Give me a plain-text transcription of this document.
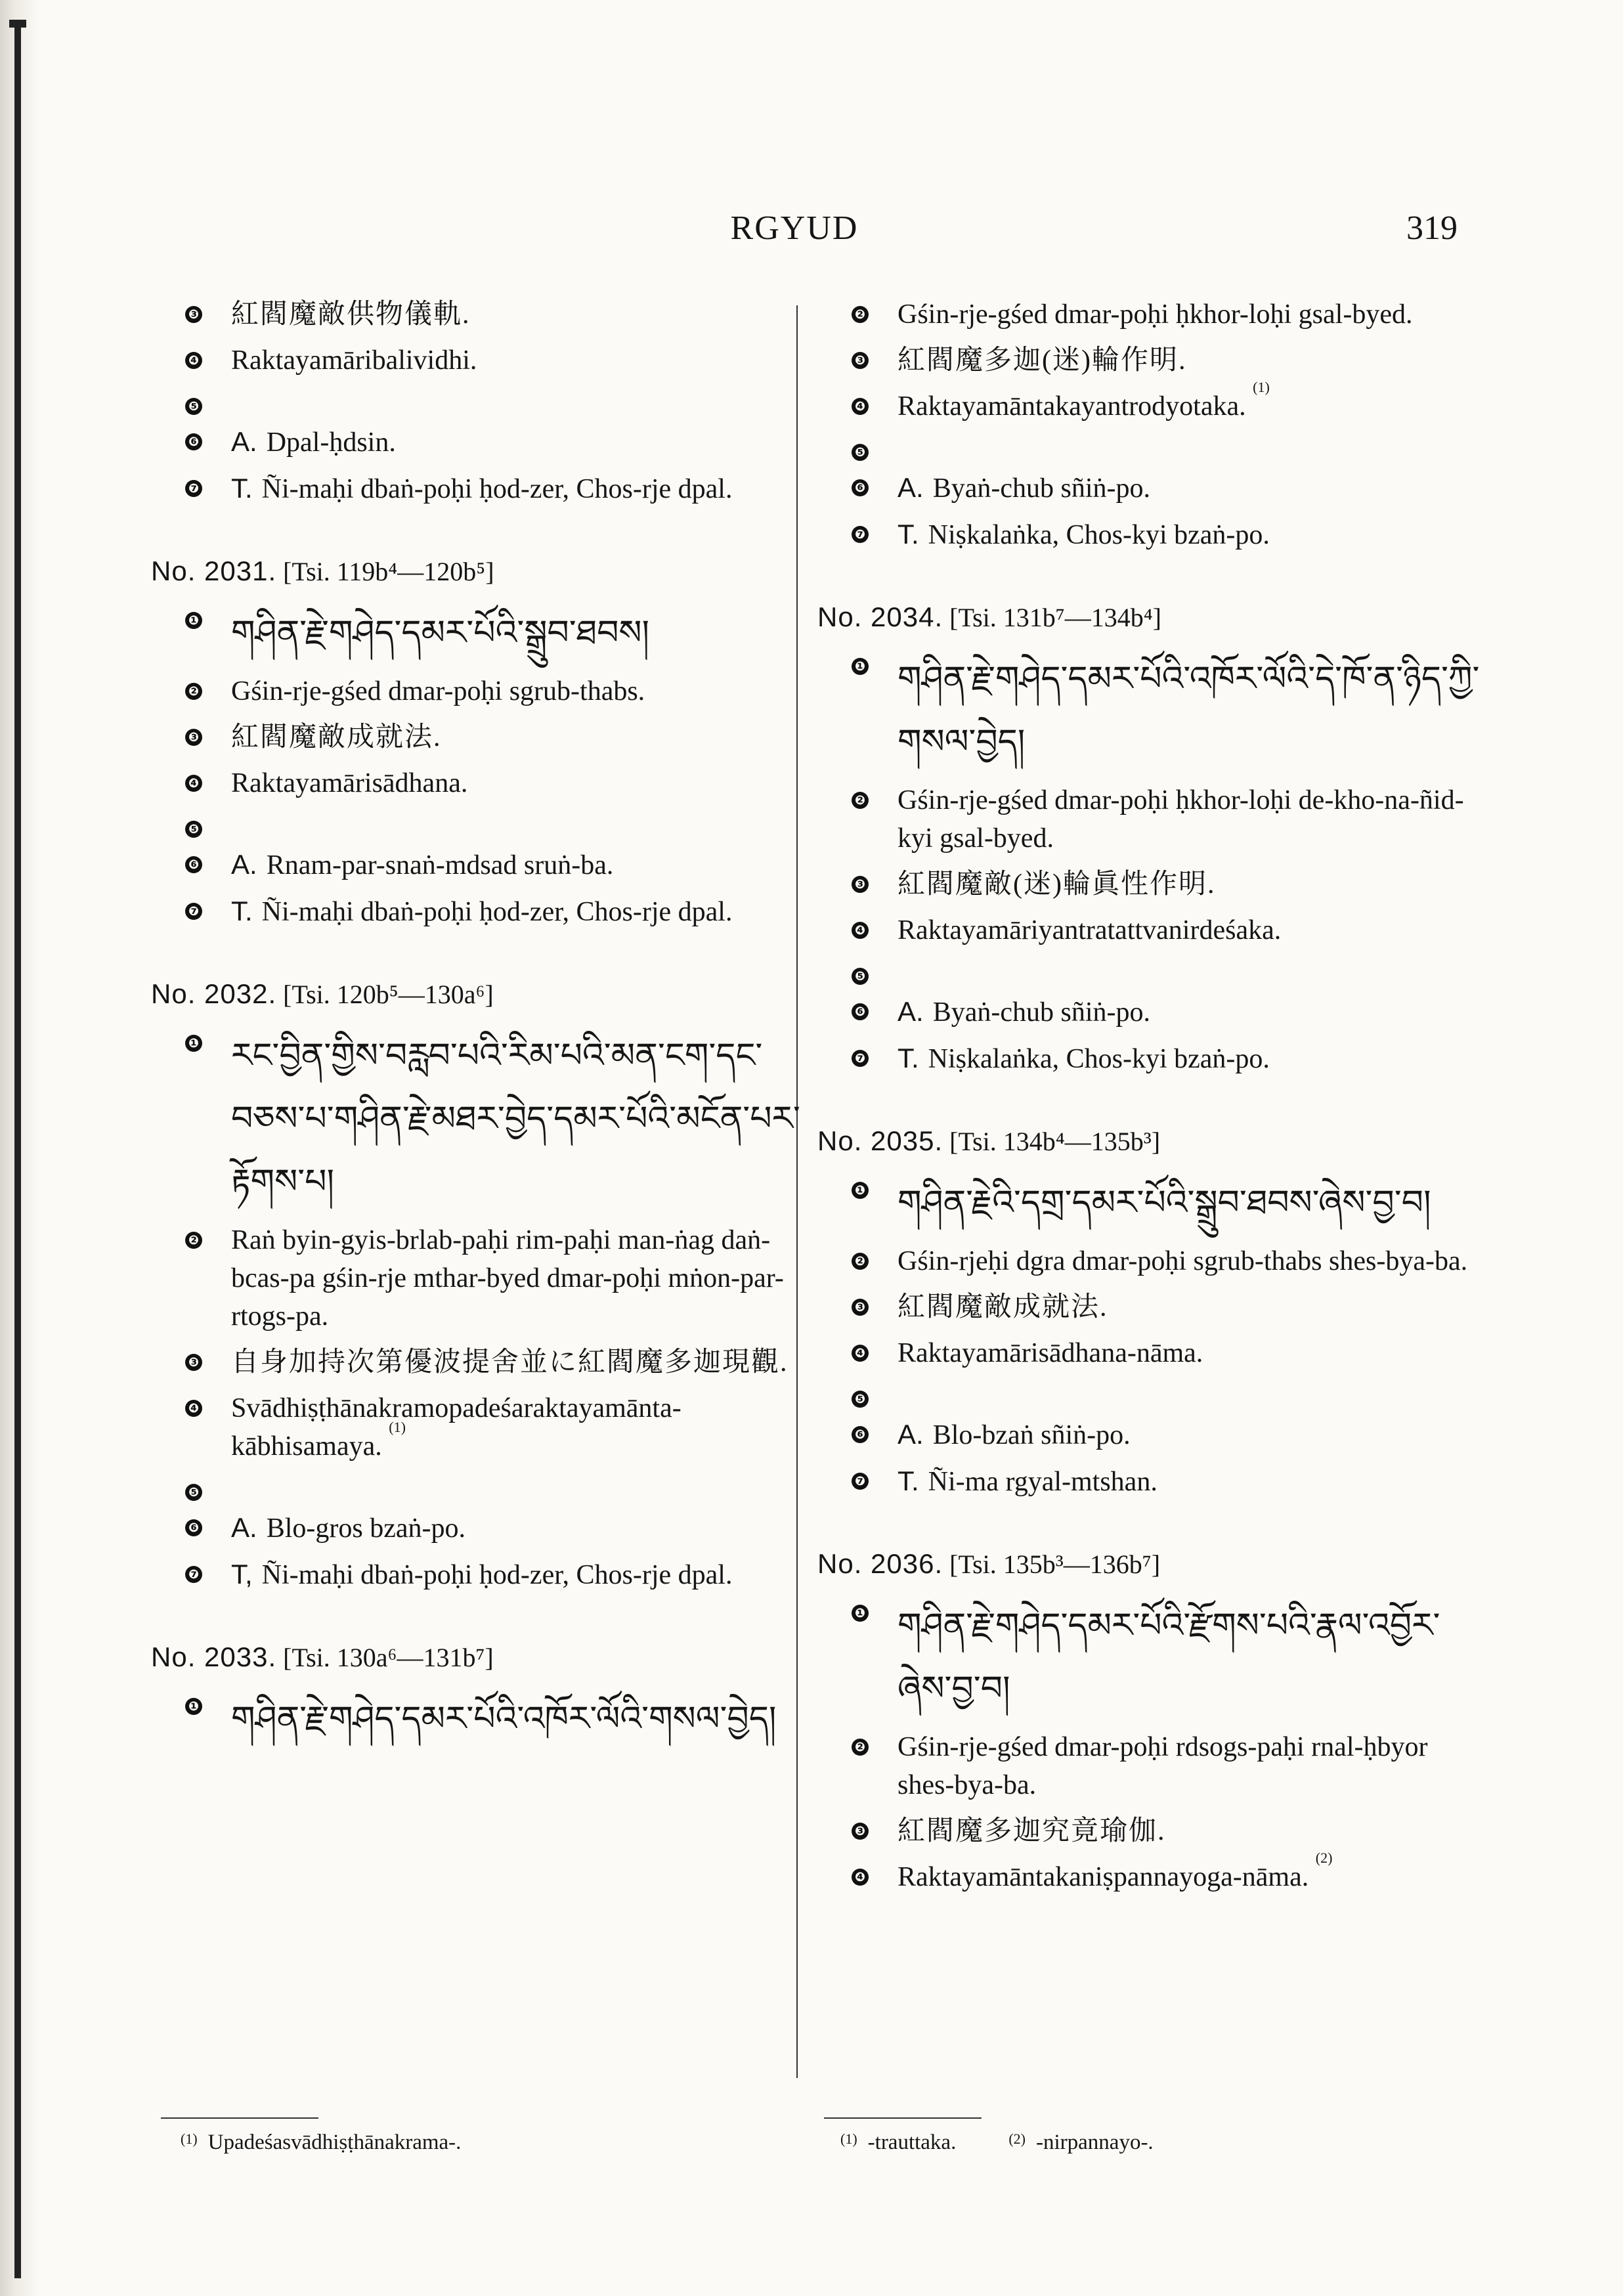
RGYUD	319
❸ 紅閻魔敵供物儀軌.
❹ Raktayamāribalividhi.
❺
❻ A. Dpal-ḥdsin.
❼ T. Ñi-maḥi dbaṅ-poḥi ḥod-zer, Chos-rje dpal.
No. 2031. [Tsi. 119b⁴—120b⁵]
❶ གཤིན་རྗེ་གཤེད་དམར་པོའི་སྒྲུབ་ཐབས།
❷ Gśin-rje-gśed dmar-poḥi sgrub-thabs.
❸ 紅閻魔敵成就法.
❹ Raktayamārisādhana.
❺
❻ A. Rnam-par-snaṅ-mdsad sruṅ-ba.
❼ T. Ñi-maḥi dbaṅ-poḥi ḥod-zer, Chos-rje dpal.
No. 2032. [Tsi. 120b⁵—130a⁶]
❶ རང་བྱིན་གྱིས་བརླབ་པའི་རིམ་པའི་མན་ངག་དང་བཅས་པ་གཤིན་རྗེ་མཐར་བྱེད་དམར་པོའི་མངོན་པར་རྟོགས་པ།
❷ Raṅ byin-gyis-brlab-paḥi rim-paḥi man-ṅag daṅ-bcas-pa gśin-rje mthar-byed dmar-poḥi mṅon-par-rtogs-pa.
❸ 自身加持次第優波提舍並に紅閻魔多迦現觀.
❹ Svādhiṣṭhānakramopadeśaraktayamānta-kābhisamaya. $^{(1)}$
❺
❻ A. Blo-gros bzaṅ-po.
❼ T, Ñi-maḥi dbaṅ-poḥi ḥod-zer, Chos-rje dpal.
No. 2033. [Tsi. 130a⁶—131b⁷]
❶ གཤིན་རྗེ་གཤེད་དམར་པོའི་འཁོར་ལོའི་གསལ་བྱེད།
❷ Gśin-rje-gśed dmar-poḥi ḥkhor-loḥi gsal-byed.
❸ 紅閻魔多迦(迷)輪作明.
❹ Raktayamāntakayantrodyotaka. $^{(1)}$
❺
❻ A. Byaṅ-chub sñiṅ-po.
❼ T. Niṣkalaṅka, Chos-kyi bzaṅ-po.
No. 2034. [Tsi. 131b⁷—134b⁴]
❶ གཤིན་རྗེ་གཤེད་དམར་པོའི་འཁོར་ལོའི་དེ་ཁོ་ན་ཉིད་ཀྱི་གསལ་བྱེད།
❷ Gśin-rje-gśed dmar-poḥi ḥkhor-loḥi de-kho-na-ñid-kyi gsal-byed.
❸ 紅閻魔敵(迷)輪眞性作明.
❹ Raktayamāriyantratattvanirdeśaka.
❺
❻ A. Byaṅ-chub sñiṅ-po.
❼ T. Niṣkalaṅka, Chos-kyi bzaṅ-po.
No. 2035. [Tsi. 134b⁴—135b³]
❶ གཤིན་རྗེའི་དགྲ་དམར་པོའི་སྒྲུབ་ཐབས་ཞེས་བྱ་བ།
❷ Gśin-rjeḥi dgra dmar-poḥi sgrub-thabs shes-bya-ba.
❸ 紅閻魔敵成就法.
❹ Raktayamārisādhana-nāma.
❺
❻ A. Blo-bzaṅ sñiṅ-po.
❼ T. Ñi-ma rgyal-mtshan.
No. 2036. [Tsi. 135b³—136b⁷]
❶ གཤིན་རྗེ་གཤེད་དམར་པོའི་རྫོགས་པའི་རྣལ་འབྱོར་ཞེས་བྱ་བ།
❷ Gśin-rje-gśed dmar-poḥi rdsogs-paḥi rnal-ḥbyor shes-bya-ba.
❸ 紅閻魔多迦究竟瑜伽.
❹ Raktayamāntakaniṣpannayoga-nāma. $^{(2)}$
$^{(1)}$ Upadeśasvādhiṣṭhānakrama-.	$^{(1)}$ -trauttaka.	$^{(2)}$ -nirpannayo-.
